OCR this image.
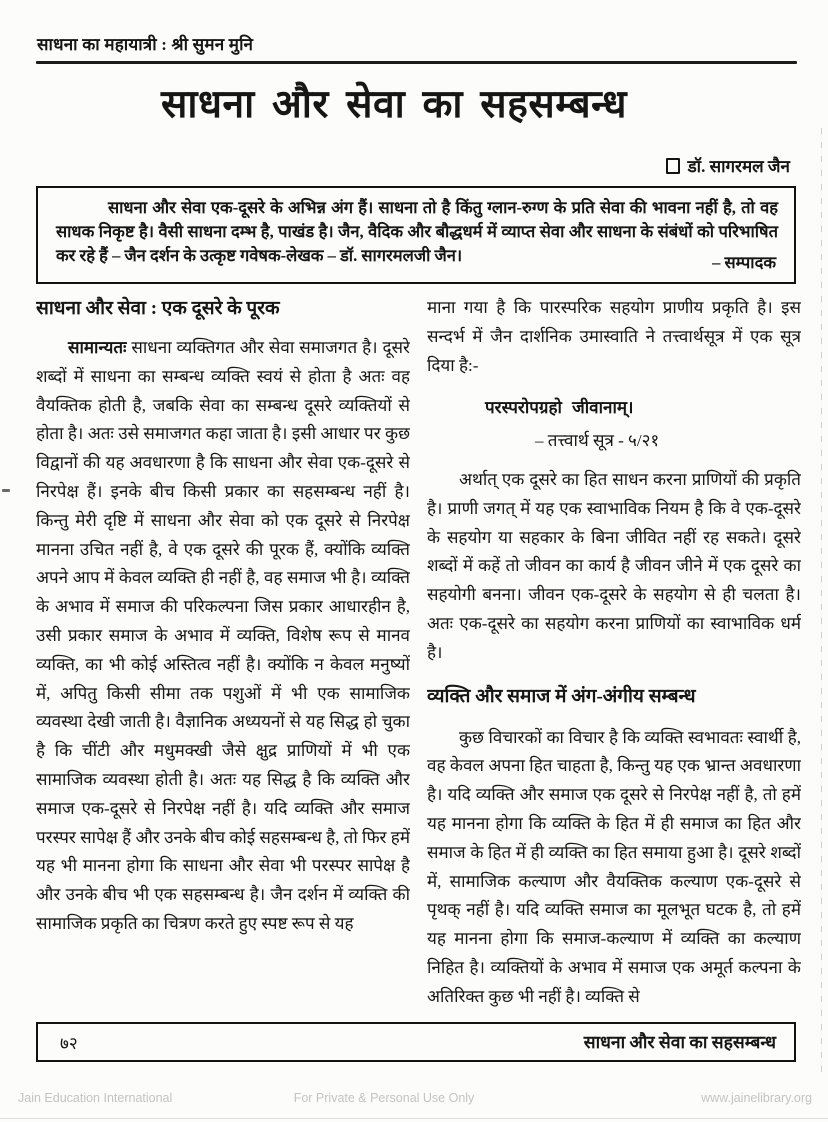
साधना का महायात्री : श्री सुमन मुनि
साधना और सेवा का सहसम्बन्ध
डॉ. सागरमल जैन

साधना और सेवा एक-दूसरे के अभिन्न अंग हैं। साधना तो है किंतु ग्लान-रुग्ण के प्रति सेवा की भावना नहीं है, तो वह साधक निकृष्ट है। वैसी साधना दम्भ है, पाखंड है। जैन, वैदिक और बौद्धधर्म में व्याप्त सेवा और साधना के संबंधों को परिभाषित कर रहे हैं – जैन दर्शन के उत्कृष्ट गवेषक-लेखक – डॉ. सागरमलजी जैन।	– सम्पादक
साधना और सेवा : एक दूसरे के पूरक

सामान्यतः साधना व्यक्तिगत और सेवा समाजगत है। दूसरे शब्दों में साधना का सम्बन्ध व्यक्ति स्वयं से होता है अतः वह वैयक्तिक होती है, जबकि सेवा का सम्बन्ध दूसरे व्यक्तियों से होता है। अतः उसे समाजगत कहा जाता है। इसी आधार पर कुछ विद्वानों की यह अवधारणा है कि साधना और सेवा एक-दूसरे से निरपेक्ष हैं। इनके बीच किसी प्रकार का सहसम्बन्ध नहीं है। किन्तु मेरी दृष्टि में साधना और सेवा को एक दूसरे से निरपेक्ष मानना उचित नहीं है, वे एक दूसरे की पूरक हैं, क्योंकि व्यक्ति अपने आप में केवल व्यक्ति ही नहीं है, वह समाज भी है। व्यक्ति के अभाव में समाज की परिकल्पना जिस प्रकार आधारहीन है, उसी प्रकार समाज के अभाव में व्यक्ति, विशेष रूप से मानव व्यक्ति, का भी कोई अस्तित्व नहीं है। क्योंकि न केवल मनुष्यों में, अपितु किसी सीमा तक पशुओं में भी एक सामाजिक व्यवस्था देखी जाती है। वैज्ञानिक अध्ययनों से यह सिद्ध हो चुका है कि चींटी और मधुमक्खी जैसे क्षुद्र प्राणियों में भी एक सामाजिक व्यवस्था होती है। अतः यह सिद्ध है कि व्यक्ति और समाज एक-दूसरे से निरपेक्ष नहीं है। यदि व्यक्ति और समाज परस्पर सापेक्ष हैं और उनके बीच कोई सहसम्बन्ध है, तो फिर हमें यह भी मानना होगा कि साधना और सेवा भी परस्पर सापेक्ष है और उनके बीच भी एक सहसम्बन्ध है। जैन दर्शन में व्यक्ति की सामाजिक प्रकृति का चित्रण करते हुए स्पष्ट रूप से यह

माना गया है कि पारस्परिक सहयोग प्राणीय प्रकृति है। इस सन्दर्भ में जैन दार्शनिक उमास्वाति ने तत्त्वार्थसूत्र में एक सूत्र दिया है:-

परस्परोपग्रहो जीवानाम्।

– तत्त्वार्थ सूत्र - ५/२१

अर्थात् एक दूसरे का हित साधन करना प्राणियों की प्रकृति है। प्राणी जगत् में यह एक स्वाभाविक नियम है कि वे एक-दूसरे के सहयोग या सहकार के बिना जीवित नहीं रह सकते। दूसरे शब्दों में कहें तो जीवन का कार्य है जीवन जीने में एक दूसरे का सहयोगी बनना। जीवन एक-दूसरे के सहयोग से ही चलता है। अतः एक-दूसरे का सहयोग करना प्राणियों का स्वाभाविक धर्म है।

व्यक्ति और समाज में अंग-अंगीय सम्बन्ध

कुछ विचारकों का विचार है कि व्यक्ति स्वभावतः स्वार्थी है, वह केवल अपना हित चाहता है, किन्तु यह एक भ्रान्त अवधारणा है। यदि व्यक्ति और समाज एक दूसरे से निरपेक्ष नहीं है, तो हमें यह मानना होगा कि व्यक्ति के हित में ही समाज का हित और समाज के हित में ही व्यक्ति का हित समाया हुआ है। दूसरे शब्दों में, सामाजिक कल्याण और वैयक्तिक कल्याण एक-दूसरे से पृथक् नहीं है। यदि व्यक्ति समाज का मूलभूत घटक है, तो हमें यह मानना होगा कि समाज-कल्याण में व्यक्ति का कल्याण निहित है। व्यक्तियों के अभाव में समाज एक अमूर्त कल्पना के अतिरिक्त कुछ भी नहीं है। व्यक्ति से

७२	साधना और सेवा का सहसम्बन्ध
Jain Education International	For Private & Personal Use Only	www.jainelibrary.org
